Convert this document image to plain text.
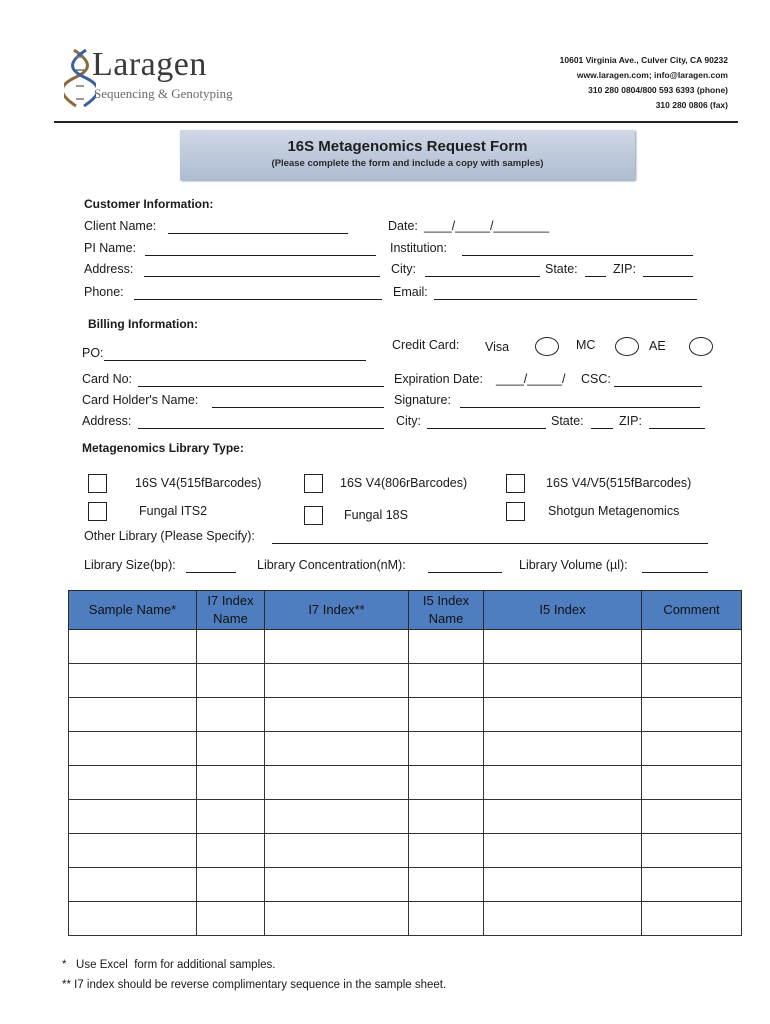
Laragen
Sequencing & Genotyping
10601 Virginia Ave., Culver City, CA 90232
www.laragen.com; info@laragen.com
310 280 0804/800 593 6393 (phone)
310 280 0806 (fax)
16S Metagenomics Request Form
(Please complete the form and include a copy with samples)
Customer Information:
Client Name:	Date: ____/_____/________
PI Name:	Institution:
Address:	City:	State:	ZIP:
Phone:	Email:
Billing Information:
Credit Card: Visa	MC	AE
PO:
Card No:	Expiration Date: ____/_____/ CSC:
Card Holder's Name:	Signature:
Address:	City:	State:	ZIP:
Metagenomics Library Type:
16S V4(515fBarcodes)	16S V4(806rBarcodes)	16S V4/V5(515fBarcodes)
Fungal ITS2	Fungal 18S	Shotgun Metagenomics
Other Library (Please Specify):
Library Size(bp):	Library Concentration(nM):	Library Volume (µl):
Sample Name*	I7 Index Name	I7 Index**	I5 Index Name	I5 Index	Comment

*   Use Excel  form for additional samples.
** I7 index should be reverse complimentary sequence in the sample sheet.
